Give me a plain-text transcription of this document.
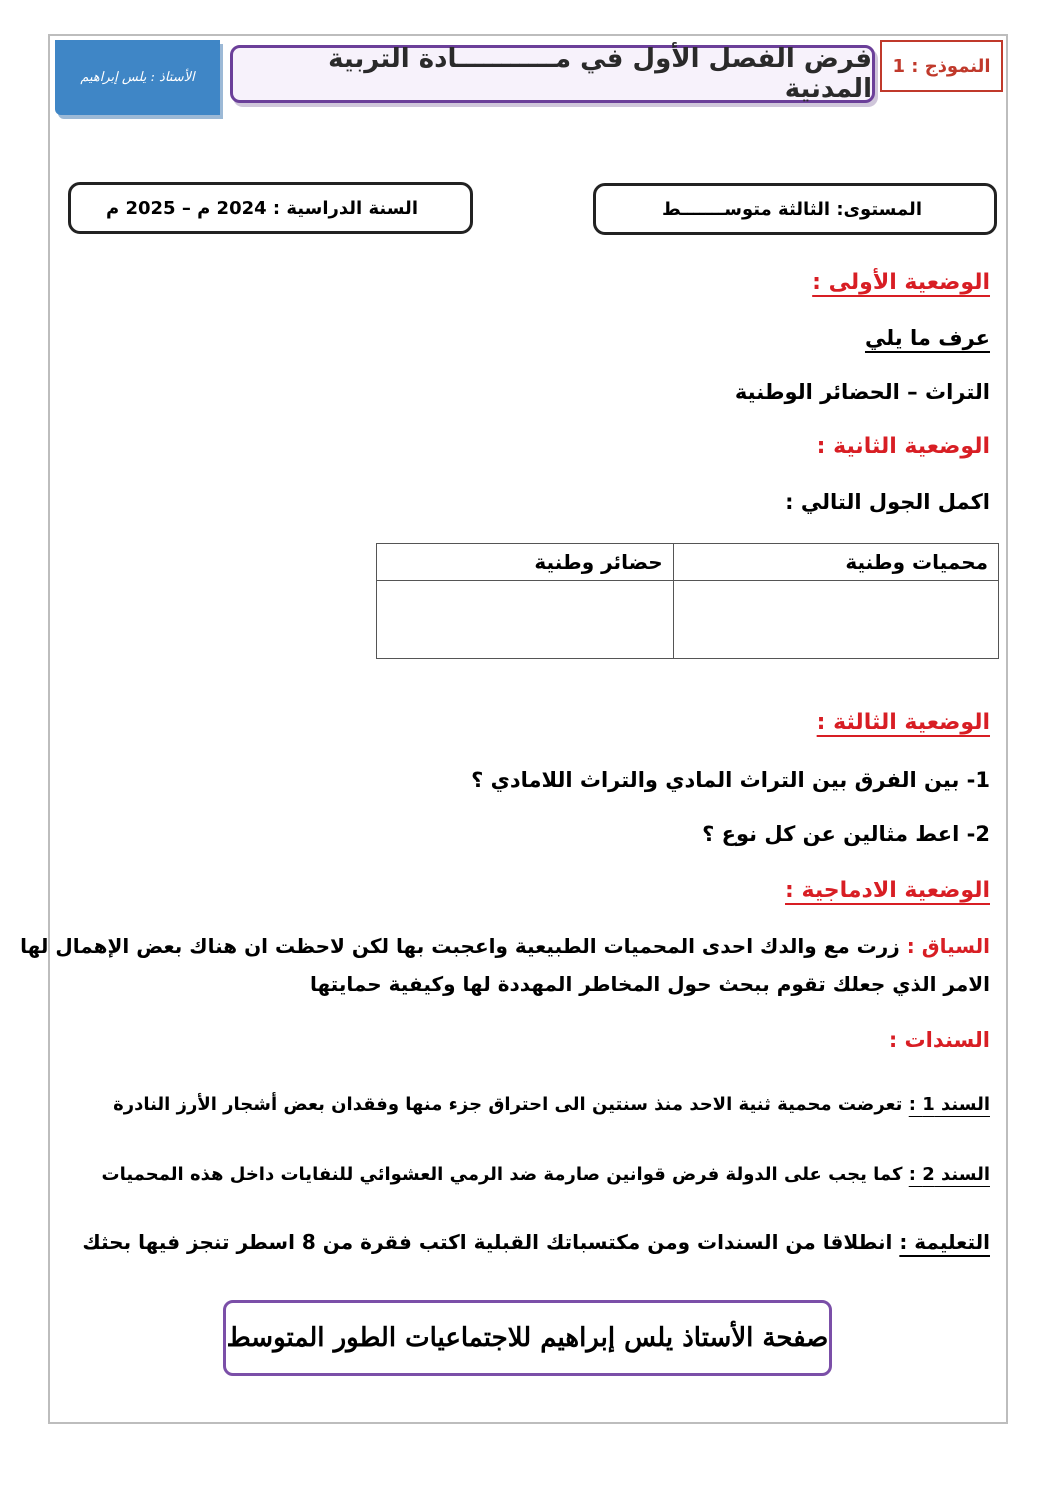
النموذج : 1
فرض الفصل الأول في مـــــــــــادة التربية المدنية
الأستاذ : يلس إبراهيم
المستوى: الثالثة متوســـــــط
السنة الدراسية : 2024 م – 2025 م
الوضعية الأولى :
عرف ما يلي
التراث – الحضائر الوطنية
الوضعية الثانية :
اكمل الجول التالي :
محميات وطنية	حضائر وطنية

الوضعية الثالثة :
1- بين الفرق بين التراث المادي والتراث اللامادي ؟
2- اعط مثالين عن كل نوع ؟
الوضعية الادماجية :
السياق : زرت مع والدك احدى المحميات الطبيعية واعجبت بها لكن لاحظت ان هناك بعض الإهمال لها
الامر الذي جعلك تقوم ببحث حول المخاطر المهددة لها وكيفية حمايتها
السندات :
السند 1 : تعرضت محمية ثنية الاحد منذ سنتين الى احتراق جزء منها وفقدان بعض أشجار الأرز النادرة
السند 2 : كما يجب على الدولة فرض قوانين صارمة ضد الرمي العشوائي للنفايات داخل هذه المحميات
التعليمة : انطلاقا من السندات ومن مكتسباتك القبلية اكتب فقرة من 8 اسطر تنجز فيها بحثك
صفحة الأستاذ يلس إبراهيم للاجتماعيات الطور المتوسط
